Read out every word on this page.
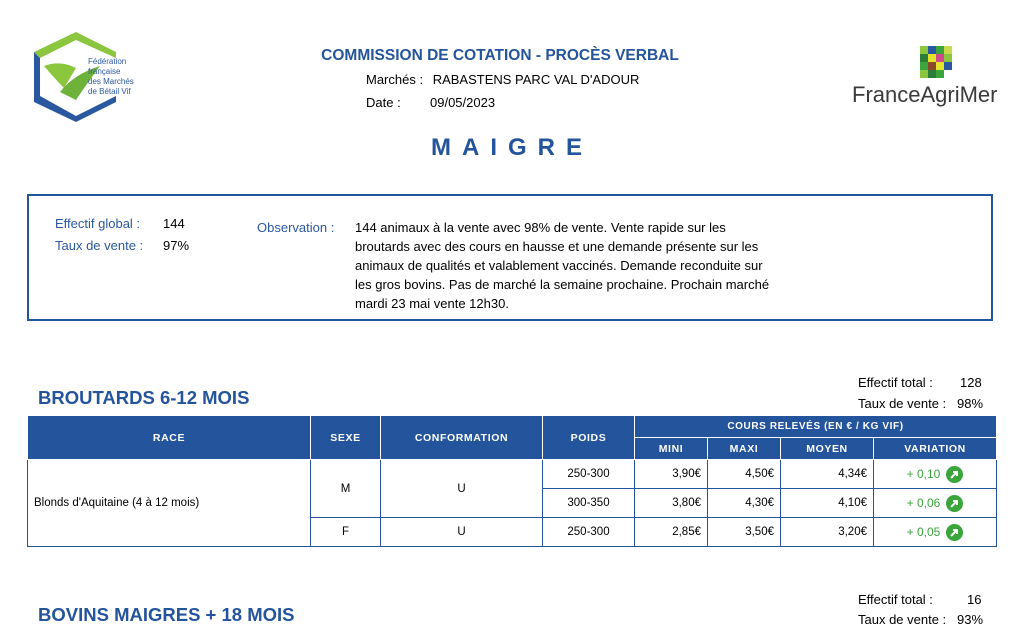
Fédération
française
des Marchés
de Bétail Vif
COMMISSION DE COTATION - PROCÈS VERBAL
Marchés : RABASTENS PARC VAL D'ADOUR
Date : 09/05/2023	FranceAgriMer
MAIGRE
Effectif global : 144
Taux de vente : 97%
Observation : 144 animaux à la vente avec 98% de vente. Vente rapide sur les broutards avec des cours en hausse et une demande présente sur les animaux de qualités et valablement vaccinés. Demande reconduite sur les gros bovins. Pas de marché la semaine prochaine. Prochain marché mardi 23 mai vente 12h30.
BROUTARDS 6-12 MOIS
Effectif total : 128
Taux de vente : 98%
RACE	SEXE	CONFORMATION	POIDS	COURS RELEVÉS (EN € / KG VIF)			
				MINI	MAXI	MOYEN	VARIATION
Blonds d'Aquitaine (4 à 12 mois)	M	U	250-300	3,90€	4,50€	4,34€	+ 0,10

			300-350	3,80€	4,30€	4,10€	+ 0,06

	F	U	250-300	2,85€	3,50€	3,20€	+ 0,05
BOVINS MAIGRES + 18 MOIS
Effectif total :	16
Taux de vente : 93%
